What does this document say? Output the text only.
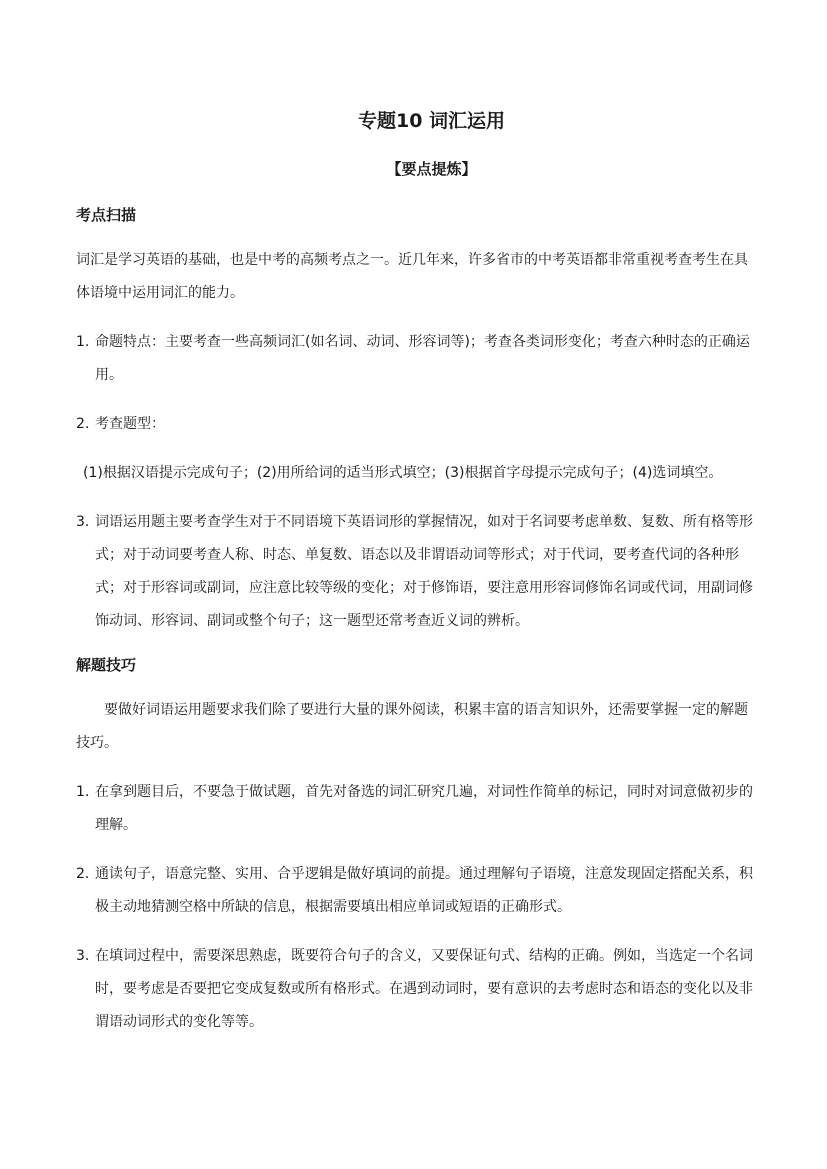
专题10 词汇运用
【要点提炼】
考点扫描

词汇是学习英语的基础，也是中考的高频考点之一。近几年来，许多省市的中考英语都非常重视考查考生在具体语境中运用词汇的能力。

1. 命题特点：主要考查一些高频词汇(如名词、动词、形容词等)；考查各类词形变化；考查六种时态的正确运用。
2. 考查题型：

(1)根据汉语提示完成句子；(2)用所给词的适当形式填空；(3)根据首字母提示完成句子；(4)选词填空。

3. 词语运用题主要考查学生对于不同语境下英语词形的掌握情况，如对于名词要考虑单数、复数、所有格等形式；对于动词要考查人称、时态、单复数、语态以及非谓语动词等形式；对于代词，要考查代词的各种形式；对于形容词或副词，应注意比较等级的变化；对于修饰语，要注意用形容词修饰名词或代词，用副词修饰动词、形容词、副词或整个句子；这一题型还常考查近义词的辨析。
解题技巧

要做好词语运用题要求我们除了要进行大量的课外阅读，积累丰富的语言知识外，还需要掌握一定的解题技巧。

1. 在拿到题目后，不要急于做试题，首先对备选的词汇研究几遍，对词性作简单的标记，同时对词意做初步的理解。
2. 通读句子，语意完整、实用、合乎逻辑是做好填词的前提。通过理解句子语境，注意发现固定搭配关系，积极主动地猜测空格中所缺的信息，根据需要填出相应单词或短语的正确形式。
3. 在填词过程中，需要深思熟虑，既要符合句子的含义，又要保证句式、结构的正确。例如，当选定一个名词时，要考虑是否要把它变成复数或所有格形式。在遇到动词时，要有意识的去考虑时态和语态的变化以及非谓语动词形式的变化等等。
